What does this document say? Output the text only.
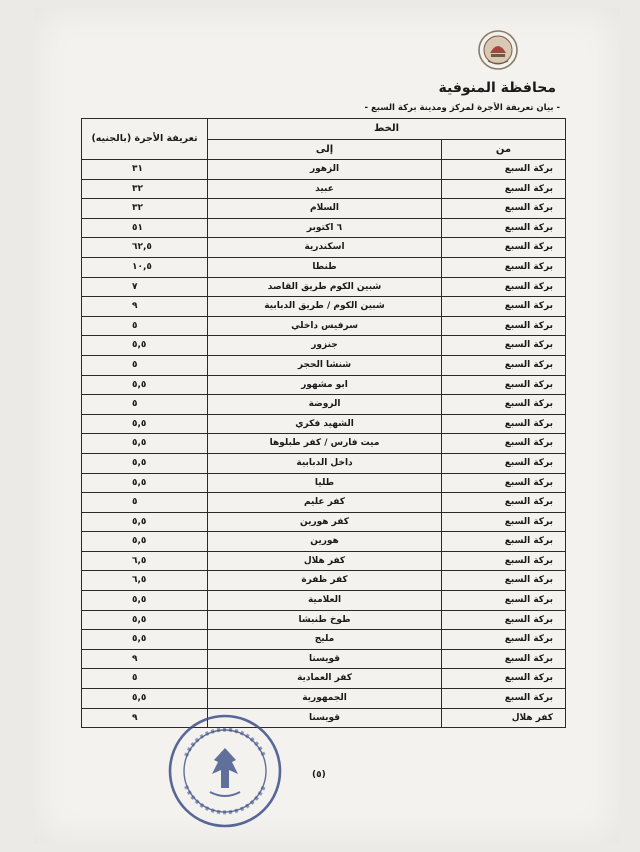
محافظة المنوفية
- بيان تعريفة الأجرة لمركز ومدينة بركة السبع -
الخط		تعريفة الأجرة (بالجنيه)
من	إلى	
بركة السبع	الزهور	٣١
بركة السبع	عبيد	٣٢
بركة السبع	السلام	٣٢
بركة السبع	٦ اكتوبر	٥١
بركة السبع	اسكندرية	٦٢,٥
بركة السبع	طنطا	١٠,٥
بركة السبع	شبين الكوم طريق القاصد	٧
بركة السبع	شبين الكوم / طريق الدبابية	٩
بركة السبع	سرفيس داخلي	٥
بركة السبع	جنزور	٥,٥
بركة السبع	شنشا الحجر	٥
بركة السبع	ابو مشهور	٥,٥
بركة السبع	الروضة	٥
بركة السبع	الشهيد فكري	٥,٥
بركة السبع	ميت فارس / كفر طبلوها	٥,٥
بركة السبع	داخل الدبابية	٥,٥
بركة السبع	طليا	٥,٥
بركة السبع	كفر عليم	٥
بركة السبع	كفر هورين	٥,٥
بركة السبع	هورين	٥,٥
بركة السبع	كفر هلال	٦,٥
بركة السبع	كفر ظفرة	٦,٥
بركة السبع	العلامية	٥,٥
بركة السبع	طوخ طنبشا	٥,٥
بركة السبع	مليج	٥,٥
بركة السبع	قويسنا	٩
بركة السبع	كفر العمادية	٥
بركة السبع	الجمهورية	٥,٥
كفر هلال	قويسنا	٩
(٥)
